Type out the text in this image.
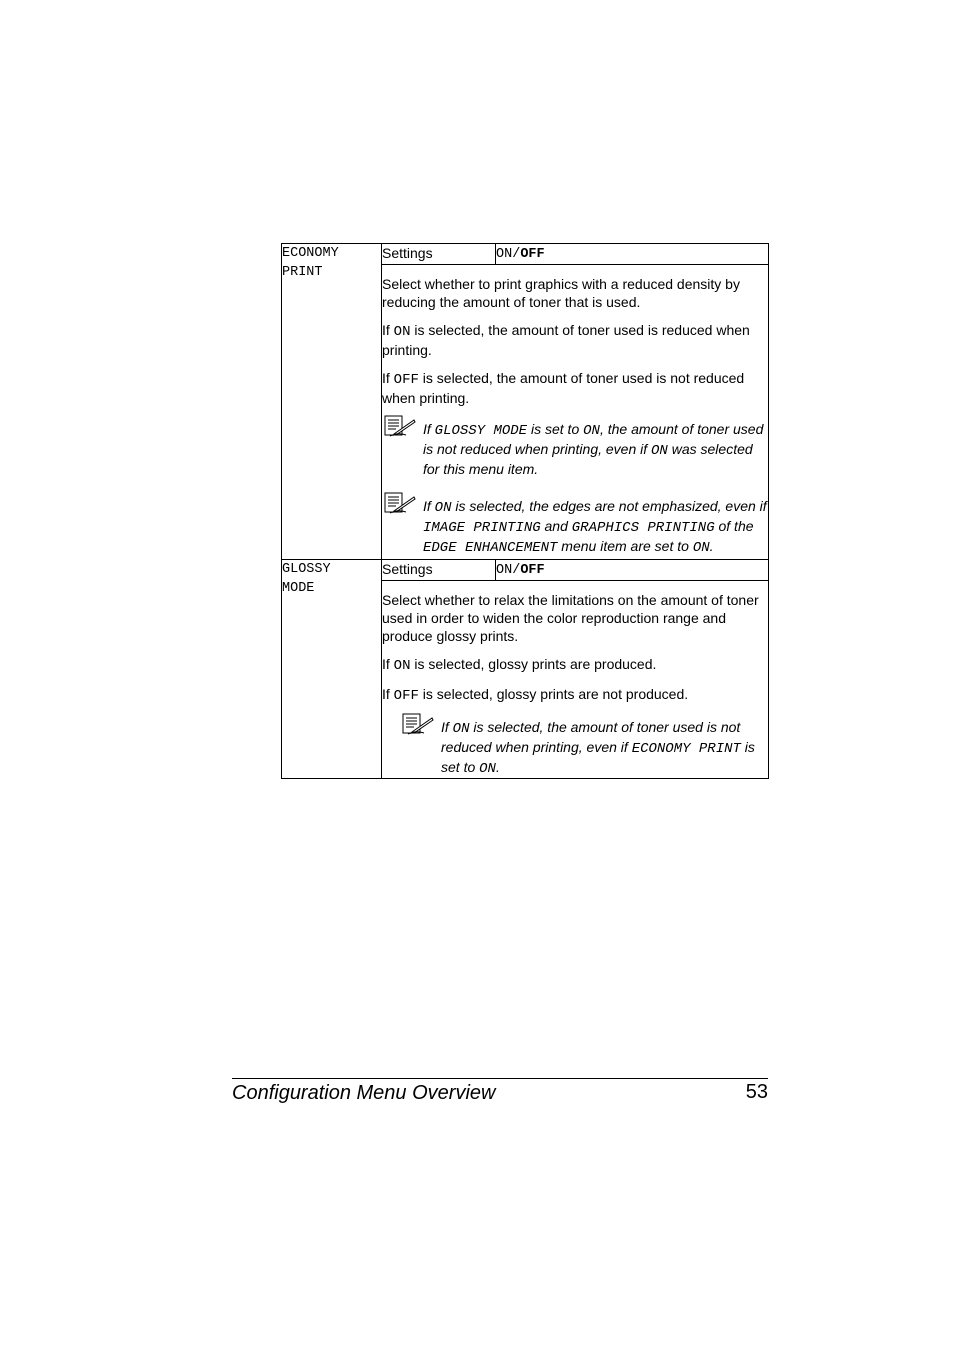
ECONOMY
PRINT	Settings	ON/OFF

	Select whether to print graphics with a reduced density by reducing the amount of toner that is used.

If ON is selected, the amount of toner used is reduced when printing.

If OFF is selected, the amount of toner used is not reduced when printing.

If GLOSSY MODE is set to ON, the amount of toner used is not reduced when printing, even if ON was selected for this menu item.
If ON is selected, the edges are not emphasized, even if IMAGE PRINTING and GRAPHICS PRINTING of the EDGE ENHANCEMENT menu item are set to ON.	

GLOSSY
MODE	Settings	ON/OFF

	Select whether to relax the limitations on the amount of toner used in order to widen the color reproduction range and produce glossy prints.

If ON is selected, glossy prints are produced.

If OFF is selected, glossy prints are not produced.

If ON is selected, the amount of toner used is not reduced when printing, even if ECONOMY PRINT is set to ON.	
Configuration Menu Overview	53
